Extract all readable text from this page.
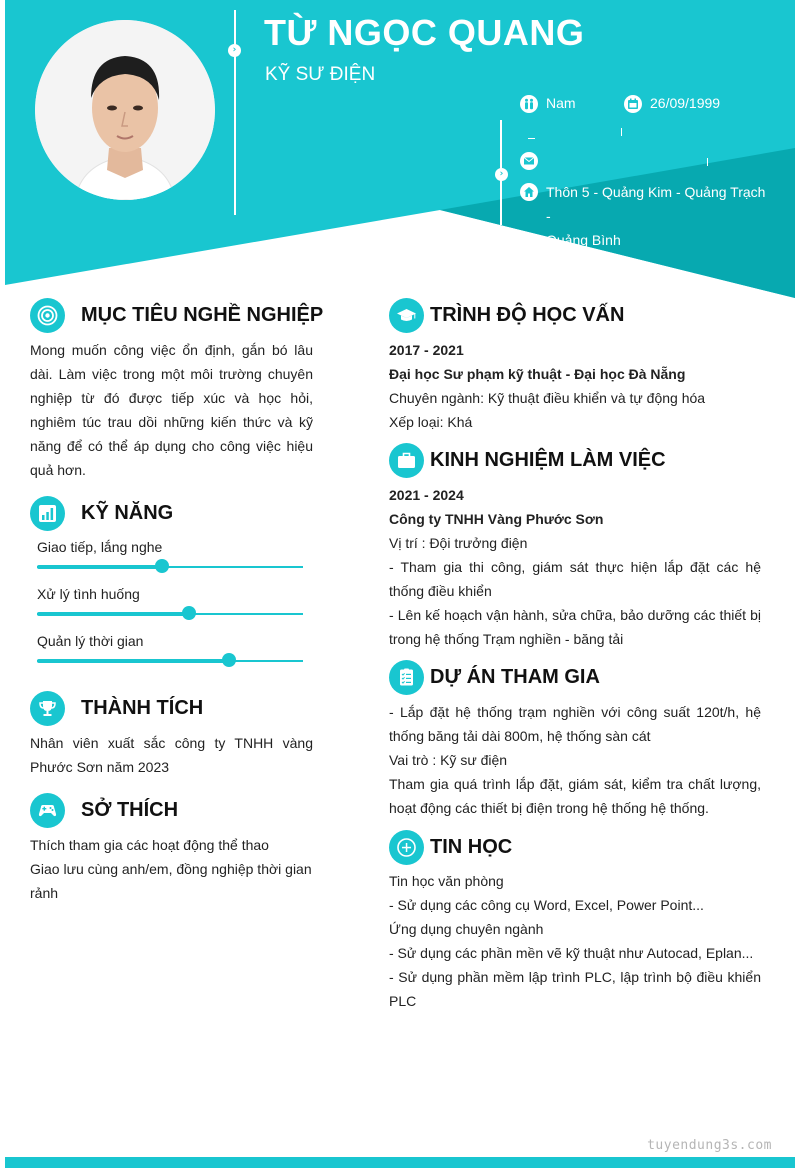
›
›
TỪ NGỌC QUANG
KỸ SƯ ĐIỆN
Nam	26/09/1999
Thôn 5 - Quảng Kim - Quảng Trạch -
Quảng Bình
MỤC TIÊU NGHỀ NGHIỆP
Mong muốn công việc ổn định, gắn bó lâu dài. Làm việc trong một môi trường chuyên nghiệp từ đó được tiếp xúc và học hỏi, nghiêm túc trau dồi những kiến thức và kỹ năng để có thể áp dụng cho công việc hiệu quả hơn.
KỸ NĂNG
Giao tiếp, lắng nghe
Xử lý tình huống
Quản lý thời gian
THÀNH TÍCH
Nhân viên xuất sắc công ty TNHH vàng Phước Sơn năm 2023
SỞ THÍCH

Thích tham gia các hoạt động thể thao

Giao lưu cùng anh/em, đồng nghiệp thời gian rảnh

TRÌNH ĐỘ HỌC VẤN

2017 - 2021

Đại học Sư phạm kỹ thuật - Đại học Đà Nẵng

Chuyên ngành: Kỹ thuật điều khiển và tự động hóa

Xếp loại: Khá

KINH NGHIỆM LÀM VIỆC

2021 - 2024

Công ty TNHH Vàng Phước Sơn

Vị trí : Đội trưởng điện

- Tham gia thi công, giám sát thực hiện lắp đặt các hệ thống điều khiển

- Lên kế hoạch vận hành, sửa chữa, bảo dưỡng các thiết bị trong hệ thống Trạm nghiền - băng tải

DỰ ÁN THAM GIA

- Lắp đặt hệ thống trạm nghiền với công suất 120t/h, hệ thống băng tải dài 800m, hệ thống sàn cát

Vai trò : Kỹ sư điện

Tham gia quá trình lắp đặt, giám sát, kiểm tra chất lượng, hoạt động các thiết bị điện trong hệ thống hệ thống.

TIN HỌC

Tin học văn phòng

- Sử dụng các công cụ Word, Excel, Power Point...

Ứng dụng chuyên ngành

- Sử dụng các phần mền vẽ kỹ thuật như Autocad, Eplan...

- Sử dụng phần mềm lập trình PLC, lập trình bộ điều khiển PLC

tuyendung3s.com
